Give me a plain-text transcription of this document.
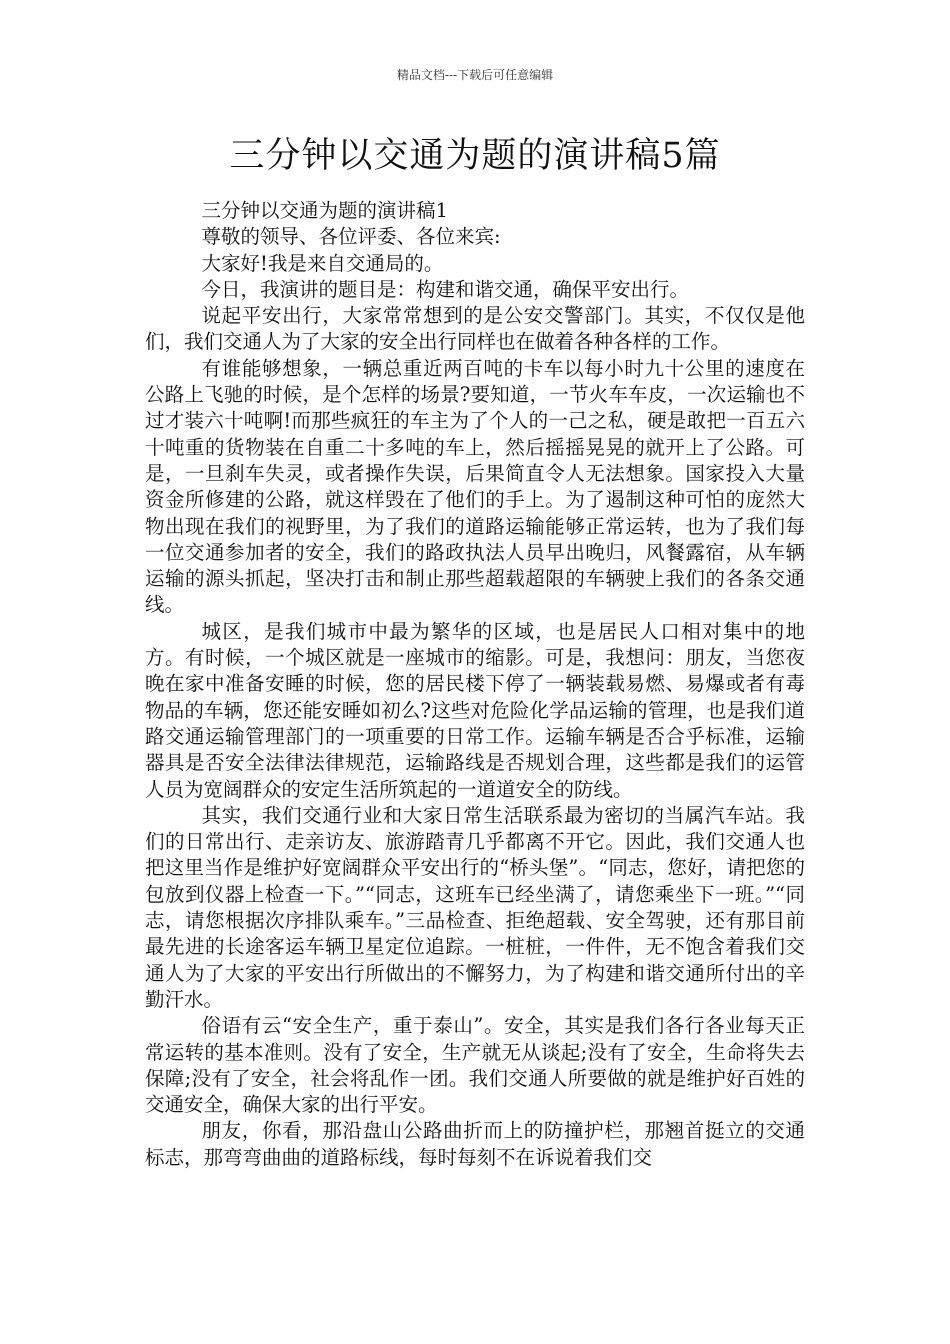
精品文档---下载后可任意编辑
三分钟以交通为题的演讲稿5篇

三分钟以交通为题的演讲稿1

尊敬的领导、各位评委、各位来宾:

大家好!我是来自交通局的。

今日，我演讲的题目是：构建和谐交通，确保平安出行。

说起平安出行，大家常常想到的是公安交警部门。其实，不仅仅是他们，我们交通人为了大家的安全出行同样也在做着各种各样的工作。

有谁能够想象，一辆总重近两百吨的卡车以每小时九十公里的速度在公路上飞驰的时候，是个怎样的场景?要知道，一节火车车皮，一次运输也不过才装六十吨啊!而那些疯狂的车主为了个人的一己之私，硬是敢把一百五六十吨重的货物装在自重二十多吨的车上，然后摇摇晃晃的就开上了公路。可是，一旦刹车失灵，或者操作失误，后果简直令人无法想象。国家投入大量资金所修建的公路，就这样毁在了他们的手上。为了遏制这种可怕的庞然大物出现在我们的视野里，为了我们的道路运输能够正常运转，也为了我们每一位交通参加者的安全，我们的路政执法人员早出晚归，风餐露宿，从车辆运输的源头抓起，坚决打击和制止那些超载超限的车辆驶上我们的各条交通线。

城区，是我们城市中最为繁华的区域，也是居民人口相对集中的地方。有时候，一个城区就是一座城市的缩影。可是，我想问：朋友，当您夜晚在家中准备安睡的时候，您的居民楼下停了一辆装载易燃、易爆或者有毒物品的车辆，您还能安睡如初么?这些对危险化学品运输的管理，也是我们道路交通运输管理部门的一项重要的日常工作。运输车辆是否合乎标准，运输器具是否安全法律法律规范，运输路线是否规划合理，这些都是我们的运管人员为宽阔群众的安定生活所筑起的一道道安全的防线。

其实，我们交通行业和大家日常生活联系最为密切的当属汽车站。我们的日常出行、走亲访友、旅游踏青几乎都离不开它。因此，我们交通人也把这里当作是维护好宽阔群众平安出行的“桥头堡”。“同志，您好，请把您的包放到仪器上检查一下。”“同志，这班车已经坐满了，请您乘坐下一班。”“同志，请您根据次序排队乘车。”三品检查、拒绝超载、安全驾驶，还有那目前最先进的长途客运车辆卫星定位追踪。一桩桩，一件件，无不饱含着我们交通人为了大家的平安出行所做出的不懈努力，为了构建和谐交通所付出的辛勤汗水。

俗语有云“安全生产，重于泰山”。安全，其实是我们各行各业每天正常运转的基本准则。没有了安全，生产就无从谈起;没有了安全，生命将失去保障;没有了安全，社会将乱作一团。我们交通人所要做的就是维护好百姓的交通安全，确保大家的出行平安。

朋友，你看，那沿盘山公路曲折而上的防撞护栏，那翘首挺立的交通标志，那弯弯曲曲的道路标线，每时每刻不在诉说着我们交
